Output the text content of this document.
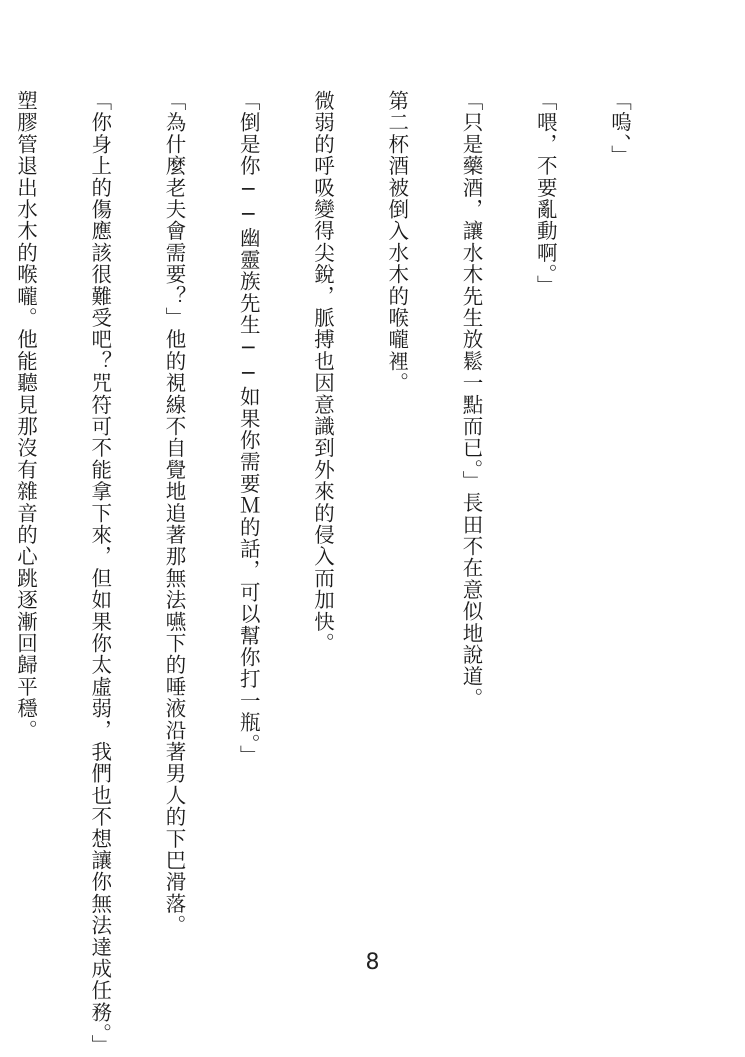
「嗚、」

「喂，不要亂動啊。」

「只是藥酒，讓水木先生放鬆一點而已。」長田不在意似地說道。

第二杯酒被倒入水木的喉嚨裡。

微弱的呼吸變得尖銳，脈搏也因意識到外來的侵入而加快。

「倒是你──幽靈族先生──如果你需要Ｍ的話，可以幫你打一瓶。」

「為什麼老夫會需要？」他的視線不自覺地追著那無法嚥下的唾液沿著男人的下巴滑落。

「你身上的傷應該很難受吧？咒符可不能拿下來，但如果你太虛弱，我們也不想讓你無法達成任務。」

塑膠管退出水木的喉嚨。他能聽見那沒有雜音的心跳逐漸回歸平穩。

8
